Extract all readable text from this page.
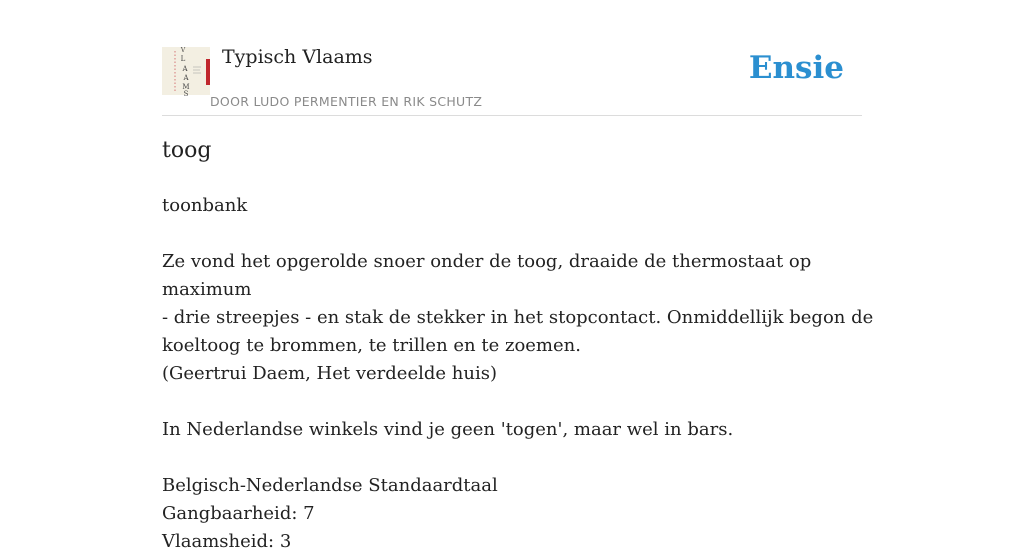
V
L
A
A
M
S
Typisch Vlaams
DOOR LUDO PERMENTIER EN RIK SCHUTZ
Ensie
toog

toonbank

Ze vond het opgerolde snoer onder de toog, draaide de thermostaat op maximum

- drie streepjes - en stak de stekker in het stopcontact. Onmiddellijk begon de

koeltoog te brommen, te trillen en te zoemen.

(Geertrui Daem, Het verdeelde huis)

In Nederlandse winkels vind je geen 'togen', maar wel in bars.

Belgisch-Nederlandse Standaardtaal

Gangbaarheid: 7

Vlaamsheid: 3
